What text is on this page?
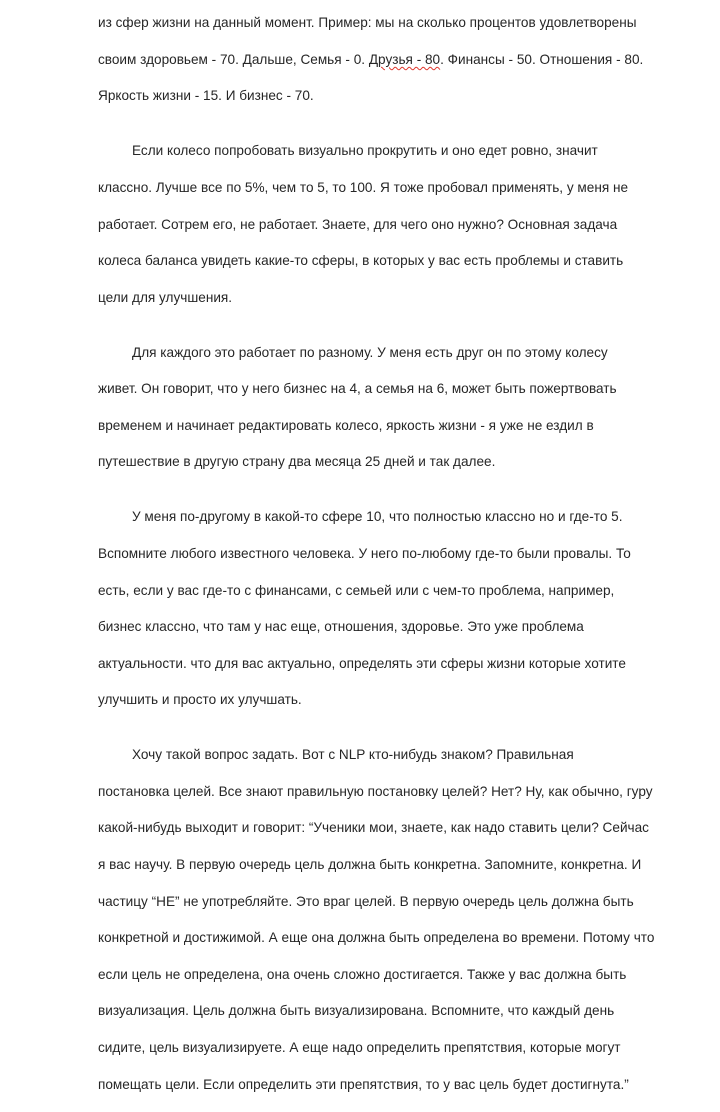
из сфер жизни на данный момент. Пример: мы на сколько процентов удовлетворены

своим здоровьем - 70. Дальше, Семья - 0. Друзья - 80. Финансы - 50. Отношения - 80.

Яркость жизни - 15. И бизнес - 70.

Если колесо попробовать визуально прокрутить и оно едет ровно, значит

классно. Лучше все по 5%, чем то 5, то 100. Я тоже пробовал применять, у меня не

работает. Сотрем его, не работает. Знаете, для чего оно нужно? Основная задача

колеса баланса увидеть какие-то сферы, в которых у вас есть проблемы и ставить

цели для улучшения.

Для каждого это работает по разному. У меня есть друг он по этому колесу

живет. Он говорит, что у него бизнес на 4, а семья на 6, может быть пожертвовать

временем и начинает редактировать колесо, яркость жизни - я уже не ездил в

путешествие в другую страну два месяца 25 дней и так далее.

У меня по-другому в какой-то сфере 10, что полностью классно но и где-то 5.

Вспомните любого известного человека. У него по-любому где-то были провалы. То

есть, если у вас где-то с финансами, с семьей или с чем-то проблема, например,

бизнес классно, что там у нас еще, отношения, здоровье. Это уже проблема

актуальности. что для вас актуально, определять эти сферы жизни которые хотите

улучшить и просто их улучшать.

Хочу такой вопрос задать. Вот с NLP кто-нибудь знаком? Правильная

постановка целей. Все знают правильную постановку целей? Нет? Ну, как обычно, гуру

какой-нибудь выходит и говорит: “Ученики мои, знаете, как надо ставить цели? Сейчас

я вас научу. В первую очередь цель должна быть конкретна. Запомните, конкретна. И

частицу “НЕ” не употребляйте. Это враг целей. В первую очередь цель должна быть

конкретной и достижимой. А еще она должна быть определена во времени. Потому что

если цель не определена, она очень сложно достигается. Также у вас должна быть

визуализация. Цель должна быть визуализирована. Вспомните, что каждый день

сидите, цель визуализируете. А еще надо определить препятствия, которые могут

помещать цели. Если определить эти препятствия, то у вас цель будет достигнута.”
